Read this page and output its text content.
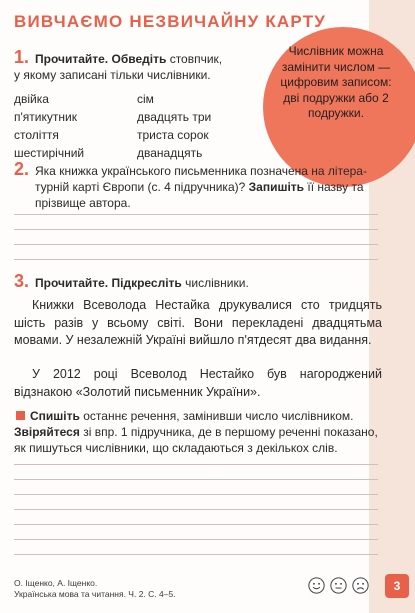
ВИВЧАЄМО НЕЗВИЧАЙНУ КАРТУ
Числівник можна замінити числом — цифровим записом: дві подружки або 2 подружки.
1. Прочитайте. Обведіть стовпчик,
у якому записані тільки числівники.
двійка
п'ятикутник
століття
шестирічний
сім
двадцять три
триста сорок
дванадцять
2. Яка книжка українського письменника позначена на літера-турній карті Європи (с. 4 підручника)? Запишіть її назву та прізвище автора.
3. Прочитайте. Підкресліть числівники.
Книжки Всеволода Нестайка друкувалися сто тридцять шість разів у всьому світі. Вони перекладені двадцятьма мовами. У незалежній Україні вийшло п'ятдесят два видання.
У 2012 році Всеволод Нестайко був нагороджений відзнакою «Золотий письменник України».
Спишіть останнє речення, замінивши число числівником. Звіряйтеся зі впр. 1 підручника, де в першому реченні показано, як пишуться числівники, що складаються з декількох слів.
О. Іщенко, А. Іщенко.
Українська мова та читання. Ч. 2. С. 4–5.
3
